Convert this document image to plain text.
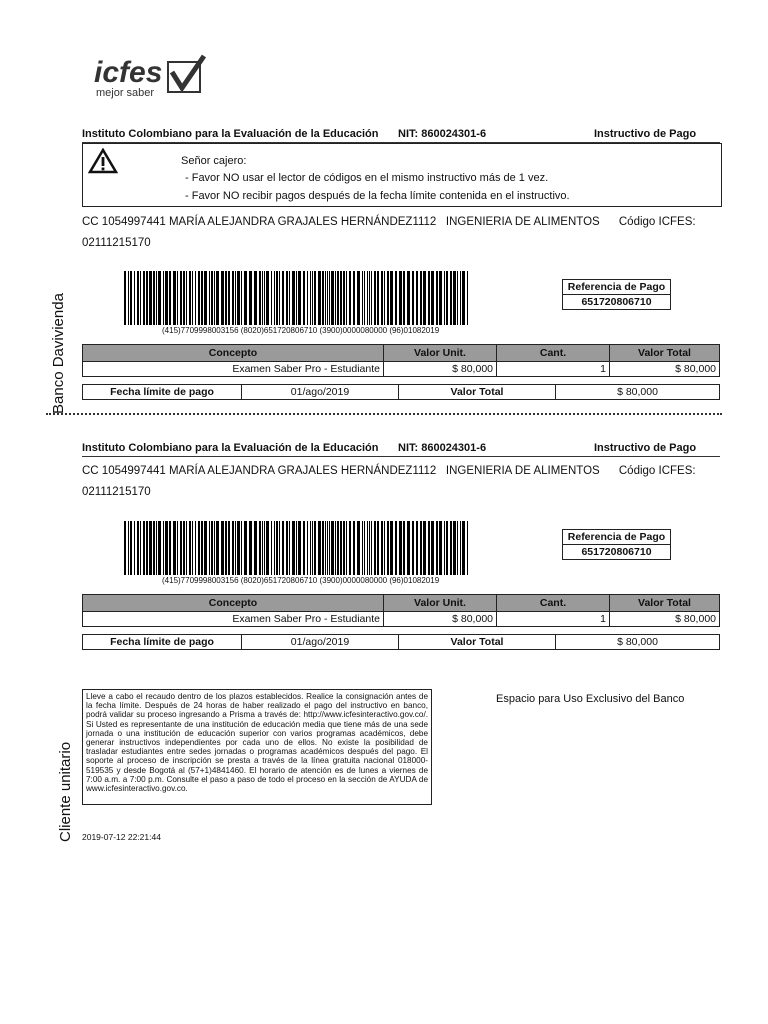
icfes
mejor saber
Instituto Colombiano para la Evaluación de la Educación NIT: 860024301-6	Instructivo de Pago
Señor cajero:
- Favor NO usar el lector de códigos en el mismo instructivo más de 1 vez.
- Favor NO recibir pagos después de la fecha límite contenida en el instructivo.
CC 1054997441 MARÍA ALEJANDRA GRAJALES HERNÁNDEZ1112   INGENIERIA DE ALIMENTOS      Código ICFES:
02111215170
(415)7709998003156 (8020)651720806710 (3900)0000080000 (96)01082019
Referencia de Pago
651720806710
Concepto	Valor Unit.	Cant.	Valor Total
Examen Saber Pro - Estudiante	$ 80,000	1	$ 80,000
Fecha límite de pago	01/ago/2019	Valor Total	$ 80,000
Banco Davivienda
Instituto Colombiano para la Evaluación de la Educación NIT: 860024301-6	Instructivo de Pago
CC 1054997441 MARÍA ALEJANDRA GRAJALES HERNÁNDEZ1112   INGENIERIA DE ALIMENTOS      Código ICFES:
02111215170
(415)7709998003156 (8020)651720806710 (3900)0000080000 (96)01082019
Referencia de Pago
651720806710
Concepto	Valor Unit.	Cant.	Valor Total
Examen Saber Pro - Estudiante	$ 80,000	1	$ 80,000
Fecha límite de pago	01/ago/2019	Valor Total	$ 80,000
Lleve a cabo el recaudo dentro de los plazos establecidos. Realice la consignación antes de la fecha límite. Después de 24 horas de haber realizado el pago del instructivo en banco, podrá validar su proceso ingresando a Prisma a través de: http://www.icfesinteractivo.gov.co/. Si Usted es representante de una institución de educación media que tiene más de una sede jornada o una institución de educación superior con varios programas académicos, debe generar instructivos independientes por cada uno de ellos. No existe la posibilidad de trasladar estudiantes entre sedes jornadas o programas académicos después del pago. El soporte al proceso de inscripción se presta a través de la línea gratuita nacional 018000-519535 y desde Bogotá al (57+1)4841460. El horario de atención es de lunes a viernes de 7:00 a.m. a 7:00 p.m. Consulte el paso a paso de todo el proceso en la sección de AYUDA de www.icfesinteractivo.gov.co.
Espacio para Uso Exclusivo del Banco
Cliente unitario 2019-07-12 22:21:44
